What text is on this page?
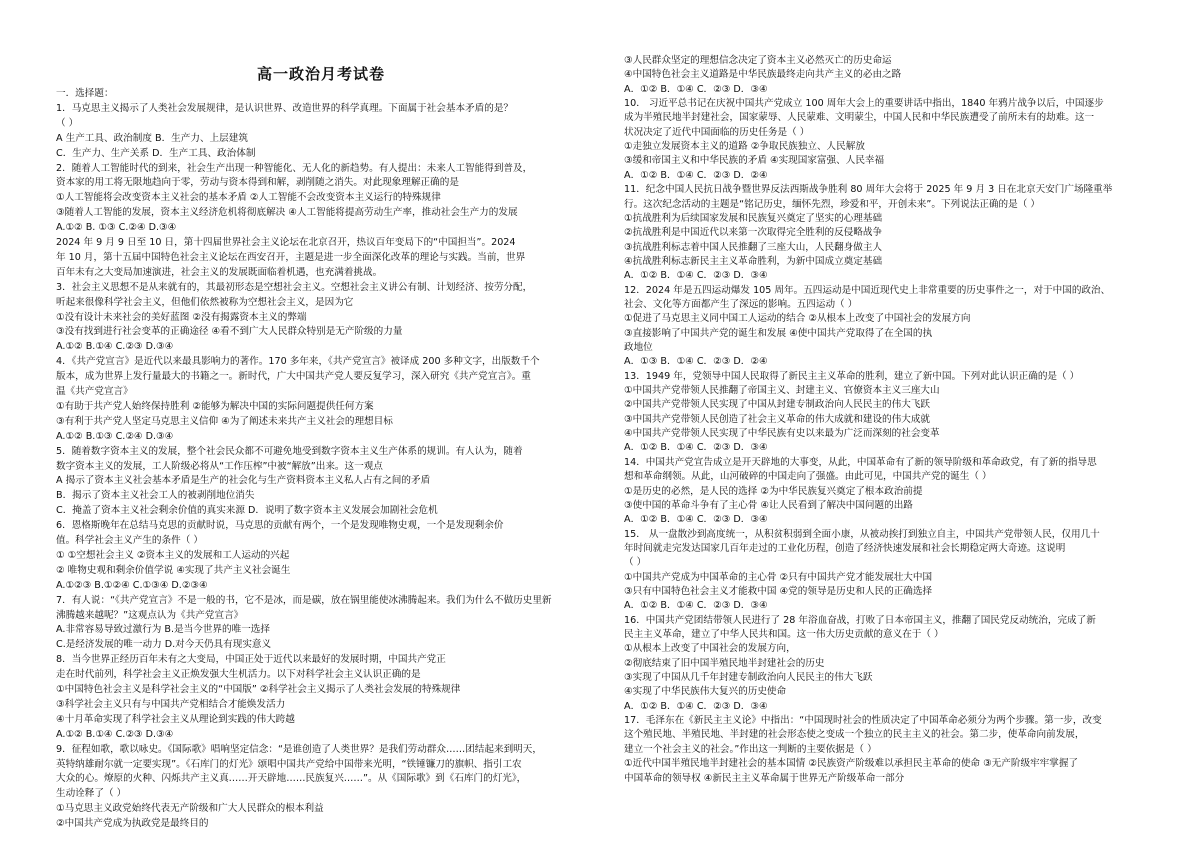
高一政治月考试卷
一．选择题：
1．马克思主义揭示了人类社会发展规律，是认识世界、改造世界的科学真理。下面属于社会基本矛盾的是？
（ ）
A 生产工具、政治制度 B．生产力、上层建筑
C．生产力、生产关系 D．生产工具、政治体制
2．随着人工智能时代的到来，社会生产出现一种智能化、无人化的新趋势。有人提出：未来人工智能得到普及，
资本家的用工将无限地趋向于零，劳动与资本得到和解，剥削随之消失。对此现象理解正确的是
①人工智能将会改变资本主义社会的基本矛盾 ②人工智能不会改变资本主义运行的特殊规律
③随着人工智能的发展，资本主义经济危机将彻底解决 ④人工智能将提高劳动生产率，推动社会生产力的发展
A.①② B. ①③ C.②④ D.③④
2024 年 9 月 9 日至 10 日，第十四届世界社会主义论坛在北京召开，热议百年变局下的“中国担当”。2024
年 10 月，第十五届中国特色社会主义论坛在西安召开，主题是进一步全面深化改革的理论与实践。当前，世界
百年未有之大变局加速演进，社会主义的发展既面临着机遇，也充满着挑战。
3．社会主义思想不是从来就有的，其最初形态是空想社会主义。空想社会主义讲公有制、计划经济、按劳分配，
听起来很像科学社会主义，但他们依然被称为空想社会主义，是因为它
①没有设计未来社会的美好蓝图 ②没有揭露资本主义的弊端
③没有找到进行社会变革的正确途径 ④看不到广大人民群众特别是无产阶级的力量
A.①② B.①④ C.②③ D.③④
4．《共产党宣言》是近代以来最具影响力的著作。170 多年来，《共产党宣言》被译成 200 多种文字，出版数千个
版本，成为世界上发行量最大的书籍之一。新时代，广大中国共产党人要反复学习，深入研究《共产党宣言》。重
温《共产党宣言》
①有助于共产党人始终保持胜利 ②能够为解决中国的实际问题提供任何方案
③有利于共产党人坚定马克思主义信仰 ④为了阐述未来共产主义社会的理想目标
A.①② B.①③ C.②④ D.③④
5．随着数字资本主义的发展，整个社会民众都不可避免地受到数字资本主义生产体系的规训。有人认为，随着
数字资本主义的发展，工人阶级必将从“工作压榨”中被“解放”出来。这一观点
A 揭示了资本主义社会基本矛盾是生产的社会化与生产资料资本主义私人占有之间的矛盾
B．揭示了资本主义社会工人的被剥削地位消失
C．掩盖了资本主义社会剩余价值的真实来源 D．说明了数字资本主义发展会加剧社会危机
6．恩格斯晚年在总结马克思的贡献时说，马克思的贡献有两个，一个是发现唯物史观，一个是发现剩余价
值。科学社会主义产生的条件（ ）
① ①空想社会主义 ②资本主义的发展和工人运动的兴起
② 唯物史观和剩余价值学说 ④实现了共产主义社会诞生
A.①②③ B.①②④ C.①③④ D.②③④
7．有人说：“《共产党宣言》不是一般的书，它不是冰，而是碳，放在锅里能使冰沸腾起来。我们为什么不做历史里新
沸腾越来越呢？”这观点认为《共产党宣言》
A.非常容易导致过激行为 B.是当今世界的唯一选择
C.是经济发展的唯一动力 D.对今天仍具有现实意义
8．当今世界正经历百年未有之大变局，中国正处于近代以来最好的发展时期，中国共产党正
走在时代前列，科学社会主义正焕发强大生机活力。以下对科学社会主义认识正确的是
①中国特色社会主义是科学社会主义的“中国版” ②科学社会主义揭示了人类社会发展的特殊规律
③科学社会主义只有与中国共产党相结合才能焕发活力
④十月革命实现了科学社会主义从理论到实践的伟大跨越
A.①② B.①④ C.②③ D.③④
9．征程如歌，歌以咏史。《国际歌》唱响坚定信念：“是谁创造了人类世界？是我们劳动群众……团结起来到明天，
英特纳雄耐尔就一定要实现”。《石库门的灯光》颂唱中国共产党给中国带来光明，“铁锤镰刀的旗帜、指引工农
大众的心。燎原的火种、闪烁共产主义真……开天辟地……民族复兴……”。从《国际歌》到《石库门的灯光》，
生动诠释了（ ）
①马克思主义政党始终代表无产阶级和广大人民群众的根本利益
②中国共产党成为执政党是最终目的
③人民群众坚定的理想信念决定了资本主义必然灭亡的历史命运
④中国特色社会主义道路是中华民族最终走向共产主义的必由之路
A．①② B．①④ C．②③ D．③④
10． 习近平总书记在庆祝中国共产党成立 100 周年大会上的重要讲话中指出，1840 年鸦片战争以后，中国逐步
成为半殖民地半封建社会，国家蒙辱、人民蒙难、文明蒙尘，中国人民和中华民族遭受了前所未有的劫难。这一
状况决定了近代中国面临的历史任务是（ ）
①走独立发展资本主义的道路 ②争取民族独立、人民解放
③缓和帝国主义和中华民族的矛盾 ④实现国家富强、人民幸福
A．①② B．①④ C．②③ D．②④
11．纪念中国人民抗日战争暨世界反法西斯战争胜利 80 周年大会将于 2025 年 9 月 3 日在北京天安门广场隆重举
行。这次纪念活动的主题是“铭记历史，缅怀先烈，珍爱和平，开创未来”。下列说法正确的是（ ）
①抗战胜利为后续国家发展和民族复兴奠定了坚实的心理基础
②抗战胜利是中国近代以来第一次取得完全胜利的反侵略战争
③抗战胜利标志着中国人民推翻了三座大山，人民翻身做主人
④抗战胜利标志新民主主义革命胜利，为新中国成立奠定基础
A．①② B．①④ C．②③ D．③④
12．2024 年是五四运动爆发 105 周年。五四运动是中国近现代史上非常重要的历史事件之一，对于中国的政治、
社会、文化等方面都产生了深远的影响。五四运动（ ）
①促进了马克思主义同中国工人运动的结合 ②从根本上改变了中国社会的发展方向
③直接影响了中国共产党的诞生和发展 ④使中国共产党取得了在全国的执
政地位
A．①③ B．①④ C．②③ D．②④
13．1949 年，党领导中国人民取得了新民主主义革命的胜利，建立了新中国。下列对此认识正确的是（ ）
①中国共产党带领人民推翻了帝国主义、封建主义、官僚资本主义三座大山
②中国共产党带领人民实现了中国从封建专制政治向人民民主的伟大飞跃
③中国共产党带领人民创造了社会主义革命的伟大成就和建设的伟大成就
④中国共产党带领人民实现了中华民族有史以来最为广泛而深刻的社会变革
A．①② B．①④ C．②③ D．③④
14．中国共产党宣告成立是开天辟地的大事变，从此，中国革命有了新的领导阶级和革命政党，有了新的指导思
想和革命纲领。从此，山河破碎的中国走向了强盛。由此可见，中国共产党的诞生（ ）
①是历史的必然，是人民的选择 ②为中华民族复兴奠定了根本政治前提
③使中国的革命斗争有了主心骨 ④让人民看到了解决中国问题的出路
A．①② B．①④ C．②③ D．③④
15． 从一盘散沙到高度统一，从积贫积弱到全面小康，从被动挨打到独立自主，中国共产党带领人民，仅用几十
年时间就走完发达国家几百年走过的工业化历程，创造了经济快速发展和社会长期稳定两大奇迹。这说明
（ ）
①中国共产党成为中国革命的主心骨 ②只有中国共产党才能发展壮大中国
③只有中国特色社会主义才能救中国 ④党的领导是历史和人民的正确选择
A．①② B．①④ C．②③ D．③④
16．中国共产党团结带领人民进行了 28 年浴血奋战，打败了日本帝国主义，推翻了国民党反动统治，完成了新
民主主义革命，建立了中华人民共和国。这一伟大历史贡献的意义在于（ ）
①从根本上改变了中国社会的发展方向，
②彻底结束了旧中国半殖民地半封建社会的历史
③实现了中国从几千年封建专制政治向人民民主的伟大飞跃
④实现了中华民族伟大复兴的历史使命
A．①② B．①④ C．②③ D．③④
17．毛泽东在《新民主主义论》中指出：“中国现时社会的性质决定了中国革命必须分为两个步骤。第一步，改变
这个殖民地、半殖民地、半封建的社会形态使之变成一个独立的民主主义的社会。第二步，使革命向前发展，
建立一个社会主义的社会。”作出这一判断的主要依据是（ ）
①近代中国半殖民地半封建社会的基本国情 ②民族资产阶级难以承担民主革命的使命 ③无产阶级牢牢掌握了
中国革命的领导权 ④新民主主义革命属于世界无产阶级革命一部分
